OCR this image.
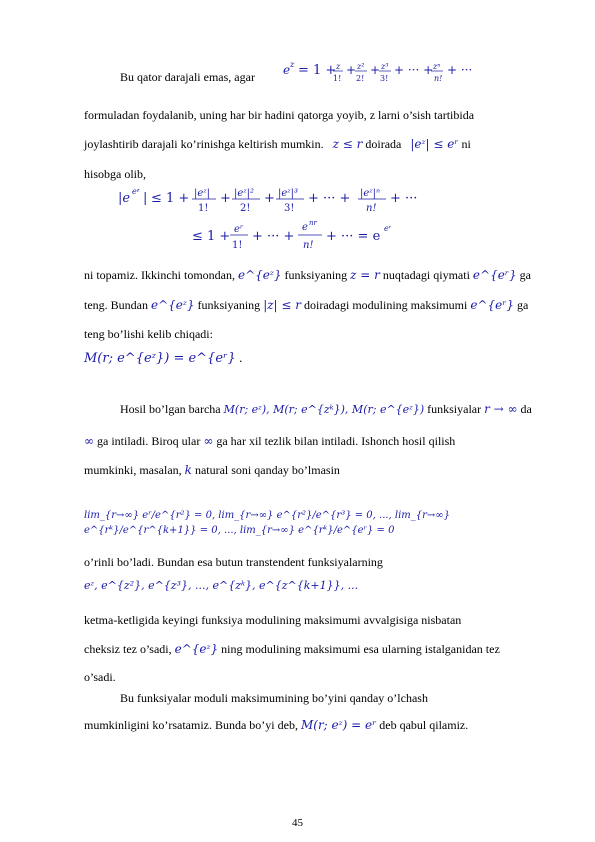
Bu qator darajali emas, agar e z = 1 + z
1!
+ z²
2!
+ z³
3!
+ ··· + zⁿ
n!
+ ···
formuladan foydalanib, uning har bir hadini qatorga yoyib, z larni o’sish tartibida
joylashtirib darajali ko’rinishga keltirish mumkin. z ≤ r doirada |eᶻ| ≤ eʳ ni
hisobga olib,
|e eᶻ | ≤ 1 + |eᶻ|
1!
+ |eᶻ|²
2!
+ |eᶻ|³
3!
+ ··· + |eᶻ|ⁿ
n!
+ ···
≤ 1 + eʳ
1!
+ ··· +
e nr
n!
+ ··· = e
eʳ
ni topamiz. Ikkinchi tomondan, e^{eᶻ} funksiyaning z = r nuqtadagi qiymati e^{eʳ} ga
teng. Bundan e^{eᶻ} funksiyaning |z| ≤ r doiradagi modulining maksimumi e^{eʳ} ga
teng bo’lishi kelib chiqadi:
M(r; e^{eᶻ}) = e^{eʳ} .
Hosil bo’lgan barcha M(r; eᶻ), M(r; e^{zᵏ}), M(r; e^{eᶻ}) funksiyalar r → ∞ da
∞ ga intiladi. Biroq ular ∞ ga har xil tezlik bilan intiladi. Ishonch hosil qilish
mumkinki, masalan, k natural soni qanday bo’lmasin
lim_{r→∞} eʳ/e^{r²} = 0, lim_{r→∞} e^{r²}/e^{r³} = 0, ..., lim_{r→∞} e^{rᵏ}/e^{r^{k+1}} = 0, ..., lim_{r→∞} e^{rᵏ}/e^{eʳ} = 0
o’rinli bo’ladi. Bundan esa butun transtendent funksiyalarning
eᶻ, e^{z²}, e^{z³}, ..., e^{zᵏ}, e^{z^{k+1}}, ...
ketma-ketligida keyingi funksiya modulining maksimumi avvalgisiga nisbatan
cheksiz tez o’sadi, e^{eᶻ} ning modulining maksimumi esa ularning istalganidan tez
o’sadi.
Bu funksiyalar moduli maksimumining bo’yini qanday o’lchash
mumkinligini ko’rsatamiz. Bunda bo’yi deb, M(r; eᶻ) = eʳ deb qabul qilamiz.
45
